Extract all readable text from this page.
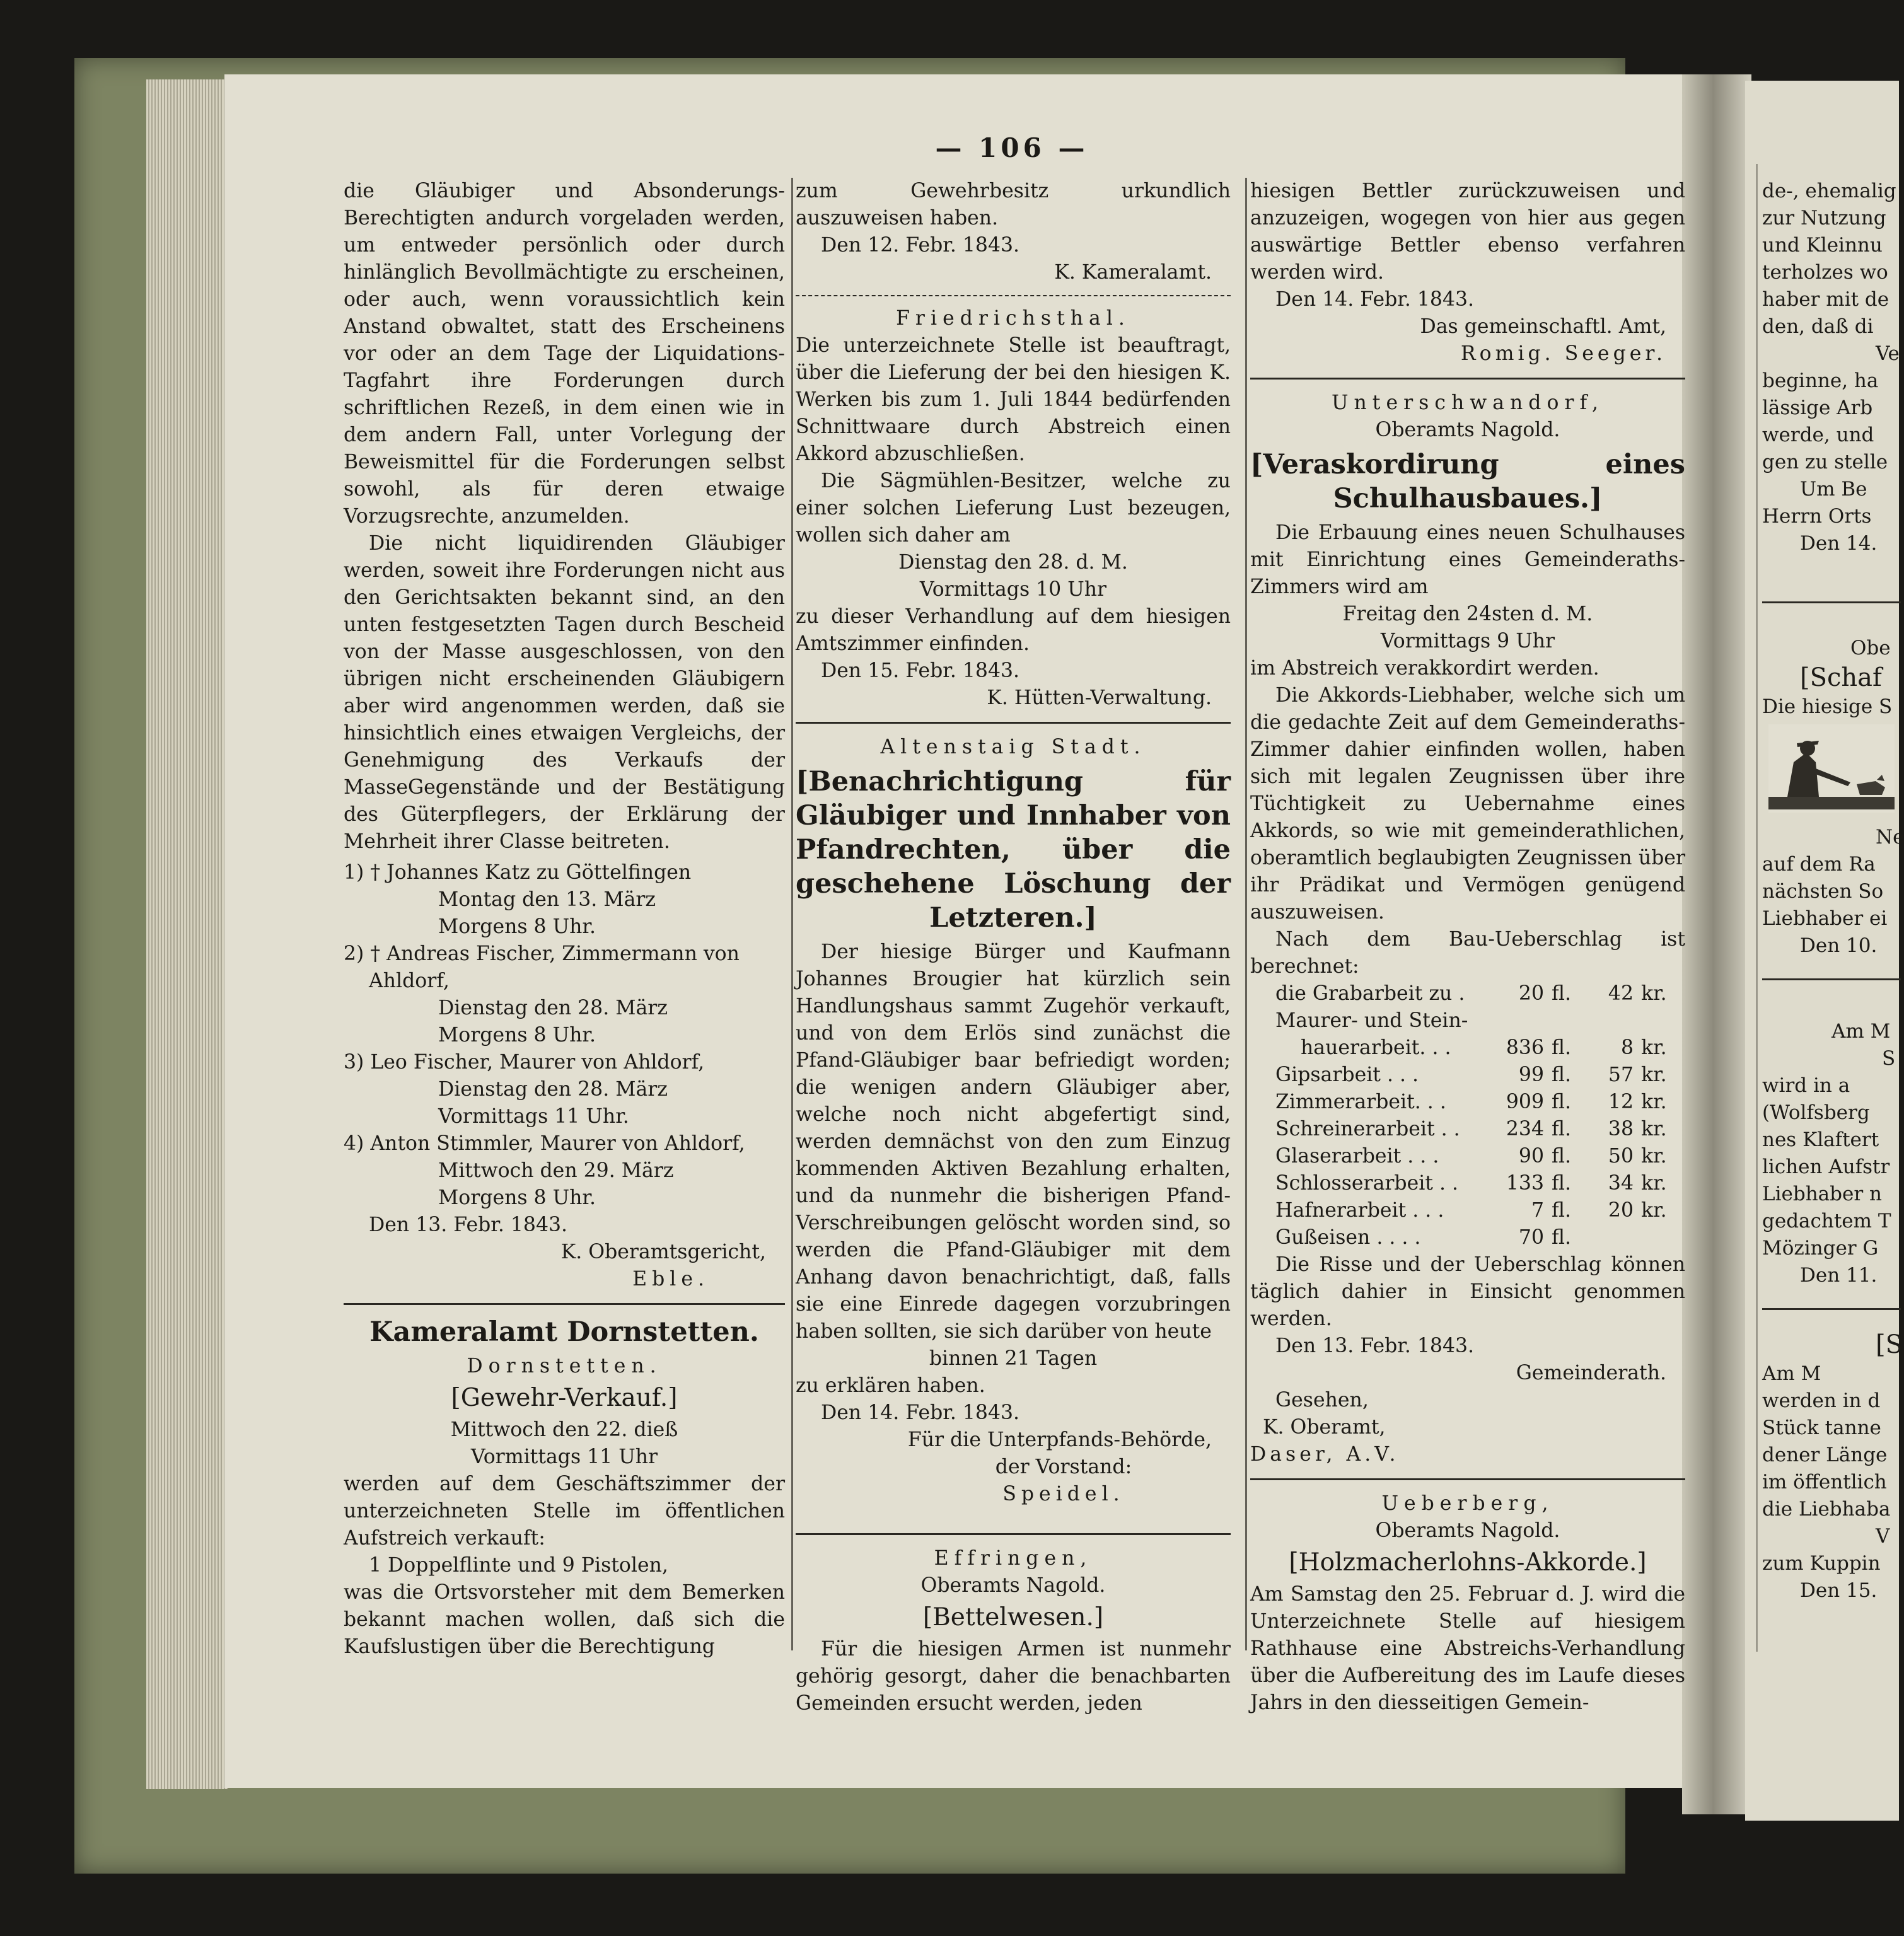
— 106 —

die Gläubiger und Absonderungs-Berechtigten andurch vorgeladen werden, um entweder persönlich oder durch hinlänglich Bevollmächtigte zu erscheinen, oder auch, wenn voraussichtlich kein Anstand obwaltet, statt des Erscheinens vor oder an dem Tage der Liquidations-Tagfahrt ihre Forderungen durch schriftlichen Rezeß, in dem einen wie in dem andern Fall, unter Vorlegung der Beweismittel für die Forderungen selbst sowohl, als für deren etwaige Vorzugsrechte, anzumelden.

Die nicht liquidirenden Gläubiger werden, soweit ihre Forderungen nicht aus den Gerichtsakten bekannt sind, an den unten festgesetzten Tagen durch Bescheid von der Masse ausgeschlossen, von den übrigen nicht erscheinenden Gläubigern aber wird angenommen werden, daß sie hinsichtlich eines etwaigen Vergleichs, der Genehmigung des Verkaufs der MasseGegenstände und der Bestätigung des Güterpflegers, der Erklärung der Mehrheit ihrer Classe beitreten.

1) † Johannes Katz zu Göttelfingen

Montag den 13. März

Morgens 8 Uhr.

2) † Andreas Fischer, Zimmermann von Ahldorf,

Dienstag den 28. März

Morgens 8 Uhr.

3) Leo Fischer, Maurer von Ahldorf,

Dienstag den 28. März

Vormittags 11 Uhr.

4) Anton Stimmler, Maurer von Ahldorf,

Mittwoch den 29. März

Morgens 8 Uhr.

Den 13. Febr. 1843.

K. Oberamtsgericht,

Eble.

Kameralamt Dornstetten.

Dornstetten.

[Gewehr-Verkauf.]

Mittwoch den 22. dieß

Vormittags 11 Uhr

werden auf dem Geschäftszimmer der unterzeichneten Stelle im öffentlichen Aufstreich verkauft:

1 Doppelflinte und 9 Pistolen,

was die Ortsvorsteher mit dem Bemerken bekannt machen wollen, daß sich die Kaufslustigen über die Berechtigung

zum Gewehrbesitz urkundlich auszuweisen haben.

Den 12. Febr. 1843.

K. Kameralamt.

Friedrichsthal.

Die unterzeichnete Stelle ist beauftragt, über die Lieferung der bei den hiesigen K. Werken bis zum 1. Juli 1844 bedürfenden Schnittwaare durch Abstreich einen Akkord abzuschließen.

Die Sägmühlen-Besitzer, welche zu einer solchen Lieferung Lust bezeugen, wollen sich daher am

Dienstag den 28. d. M.

Vormittags 10 Uhr

zu dieser Verhandlung auf dem hiesigen Amtszimmer einfinden.

Den 15. Febr. 1843.

K. Hütten-Verwaltung.

Altenstaig Stadt.

[Benachrichtigung für Gläubiger und Innhaber von Pfandrechten, über die geschehene Löschung der Letzteren.]

Der hiesige Bürger und Kaufmann Johannes Brougier hat kürzlich sein Handlungshaus sammt Zugehör verkauft, und von dem Erlös sind zunächst die Pfand-Gläubiger baar befriedigt worden; die wenigen andern Gläubiger aber, welche noch nicht abgefertigt sind, werden demnächst von den zum Einzug kommenden Aktiven Bezahlung erhalten, und da nunmehr die bisherigen Pfand-Verschreibungen gelöscht worden sind, so werden die Pfand-Gläubiger mit dem Anhang davon benachrichtigt, daß, falls sie eine Einrede dagegen vorzubringen haben sollten, sie sich darüber von heute

binnen 21 Tagen

zu erklären haben.

Den 14. Febr. 1843.

Für die Unterpfands-Behörde,

der Vorstand:

Speidel.

Effringen,

Oberamts Nagold.

[Bettelwesen.]

Für die hiesigen Armen ist nunmehr gehörig gesorgt, daher die benachbarten Gemeinden ersucht werden, jeden

hiesigen Bettler zurückzuweisen und anzuzeigen, wogegen von hier aus gegen auswärtige Bettler ebenso verfahren werden wird.

Den 14. Febr. 1843.

Das gemeinschaftl. Amt,

Romig. Seeger.

Unterschwandorf,

Oberamts Nagold.

[Veraskordirung eines Schulhausbaues.]

Die Erbauung eines neuen Schulhauses mit Einrichtung eines Gemeinderaths-Zimmers wird am

Freitag den 24sten d. M.

Vormittags 9 Uhr

im Abstreich verakkordirt werden.

Die Akkords-Liebhaber, welche sich um die gedachte Zeit auf dem Gemeinderaths-Zimmer dahier einfinden wollen, haben sich mit legalen Zeugnissen über ihre Tüchtigkeit zu Uebernahme eines Akkords, so wie mit gemeinderathlichen, oberamtlich beglaubigten Zeugnissen über ihr Prädikat und Vermögen genügend auszuweisen.

Nach dem Bau-Ueberschlag ist berechnet:

die Grabarbeit zu .	20	fl.	42	kr.
Maurer- und Stein-				
hauerarbeit. . .	836	fl.	8	kr.
Gipsarbeit . . .	99	fl.	57	kr.
Zimmerarbeit. . .	909	fl.	12	kr.
Schreinerarbeit . .	234	fl.	38	kr.
Glaserarbeit . . .	90	fl.	50	kr.
Schlosserarbeit . .	133	fl.	34	kr.
Hafnerarbeit . . .	7	fl.	20	kr.
Gußeisen . . . .	70	fl.		

Die Risse und der Ueberschlag können täglich dahier in Einsicht genommen werden.

Den 13. Febr. 1843.

Gemeinderath.

Gesehen,

K. Oberamt,

Daser, A.V.

Ueberberg,

Oberamts Nagold.

[Holzmacherlohns-Akkorde.]

Am Samstag den 25. Februar d. J. wird die Unterzeichnete Stelle auf hiesigem Rathhause eine Abstreichs-Verhandlung über die Aufbereitung des im Laufe dieses Jahrs in den diesseitigen Gemein-

de-, ehemalig

zur Nutzung

und Kleinnu

terholzes wo

haber mit de

den, daß di

Ve

beginne, ha

lässige Arb

werde, und

gen zu stelle

Um Be

Herrn Orts

Den 14.

Obe

[Schaf

Die hiesige S

Ne

auf dem Ra

nächsten So

Liebhaber ei

Den 10.

Am M

S

wird in a

(Wolfsberg

nes Klaftert

lichen Aufstr

Liebhaber n

gedachtem T

Mözinger G

Den 11.

[S

Am M

werden in d

Stück tanne

dener Länge

im öffentlich

die Liebhaba

V

zum Kuppin

Den 15.
